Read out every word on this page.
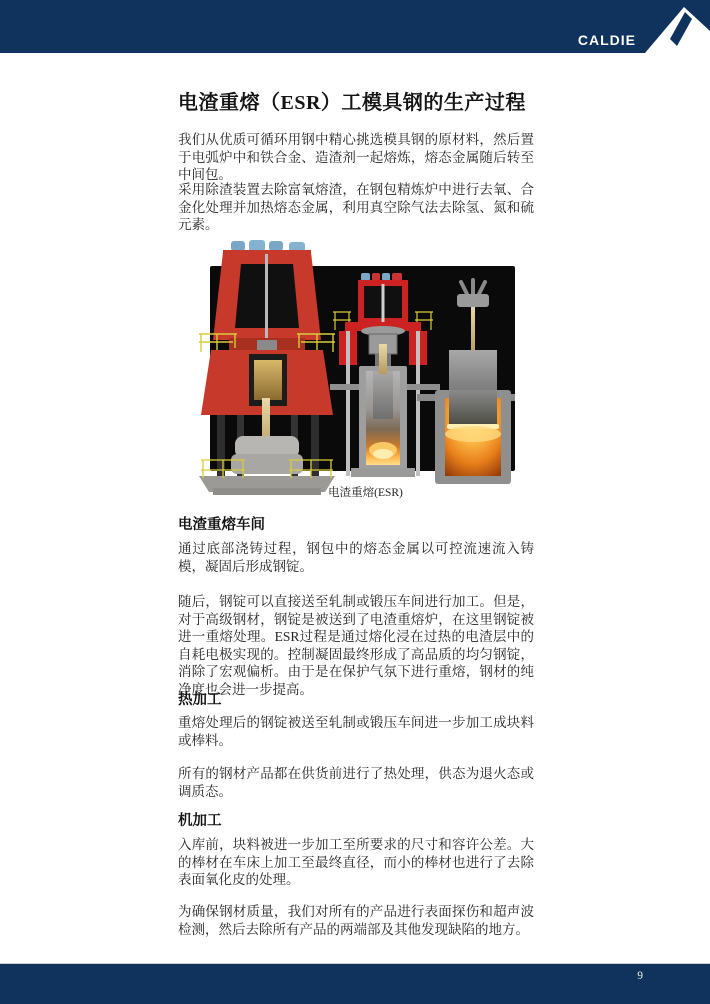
CALDIE
电渣重熔（ESR）工模具钢的生产过程
我们从优质可循环用钢中精心挑选模具钢的原材料，然后置于电弧炉中和铁合金、造渣剂一起熔炼，熔态金属随后转至中间包。
采用除渣装置去除富氧熔渣，在钢包精炼炉中进行去氧、合金化处理并加热熔态金属，利用真空除气法去除氢、氮和硫元素。
电渣重熔(ESR)
电渣重熔车间
通过底部浇铸过程，钢包中的熔态金属以可控流速流入铸模，凝固后形成钢锭。
随后，钢锭可以直接送至轧制或锻压车间进行加工。但是，对于高级钢材，钢锭是被送到了电渣重熔炉，在这里钢锭被进一重熔处理。ESR过程是通过熔化浸在过热的电渣层中的自耗电极实现的。控制凝固最终形成了高品质的均匀钢锭，消除了宏观偏析。由于是在保护气氛下进行重熔，钢材的纯净度也会进一步提高。
热加工
重熔处理后的钢锭被送至轧制或锻压车间进一步加工成块料或棒料。
所有的钢材产品都在供货前进行了热处理，供态为退火态或调质态。
机加工
入库前，块料被进一步加工至所要求的尺寸和容许公差。大的棒材在车床上加工至最终直径，而小的棒材也进行了去除表面氧化皮的处理。
为确保钢材质量，我们对所有的产品进行表面探伤和超声波检测，然后去除所有产品的两端部及其他发现缺陷的地方。
9
